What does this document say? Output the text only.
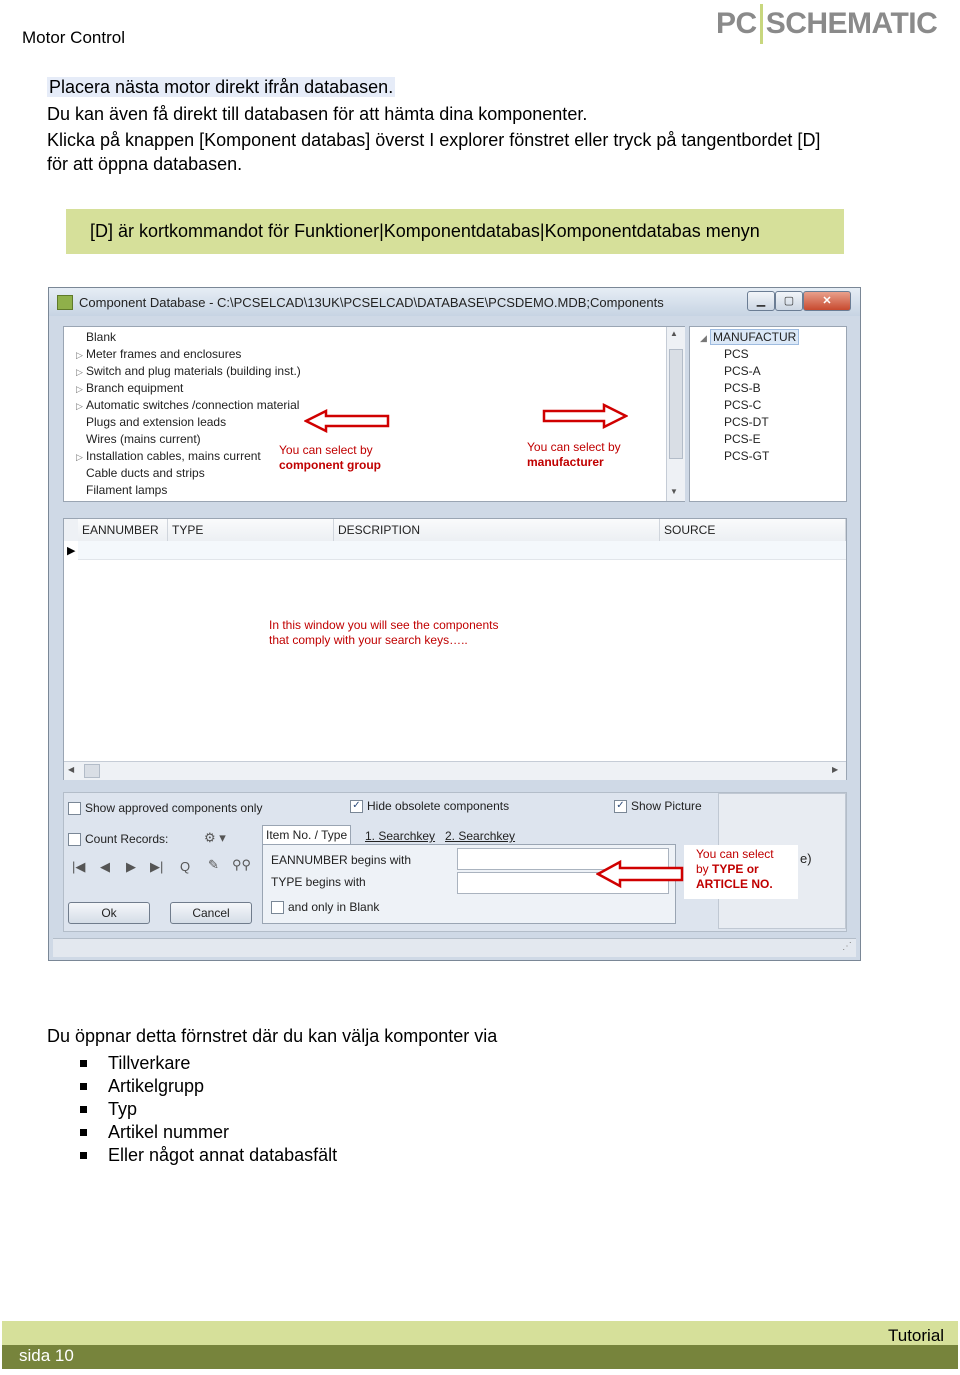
Motor Control	PC SCHEMATIC
Placera nästa motor direkt ifrån databasen.
Du kan även få direkt till databasen för att hämta dina komponenter.
Klicka på knappen [Komponent databas] överst I explorer fönstret eller tryck på tangentbordet [D]
för att öppna databasen.
[D] är kortkommandot för Funktioner|Komponentdatabas|Komponentdatabas menyn
Component Database - C:\PCSELCAD\13UK\PCSELCAD\DATABASE\PCSDEMO.MDB;Components	▁	▢	✕
Blank
▷ Meter frames and enclosures
▷ Switch and plug materials (building inst.)
▷ Branch equipment
▷ Automatic switches /connection material
Plugs and extension leads
Wires (mains current)
▷ Installation cables, mains current
Cable ducts and strips
Filament lamps
▲
▼
You can select by
component group
You can select by
manufacturer
◢ MANUFACTUR
PCS
PCS-A
PCS-B
PCS-C
PCS-DT
PCS-E
PCS-GT
EANNUMBER	TYPE	DESCRIPTION	SOURCE
▶
In this window you will see the components
that comply with your search keys…..
◀	▶
Show approved components only	✓ Hide obsolete components	✓ Show Picture
Count Records:	⚙ ▾
|◀ ◀ ▶ ▶| Q ✎ ⚲⚲
Ok	Cancel
Item No. / Type	1. Searchkey 2. Searchkey
EANNUMBER begins with
TYPE begins with
and only in Blank
You can select
by TYPE or
ARTICLE NO.
e)
⋰
Du öppnar detta förnstret där du kan välja komponter via
Tillverkare
Artikelgrupp
Typ
Artikel nummer
Eller något annat databasfält
Tutorial
sida 10
